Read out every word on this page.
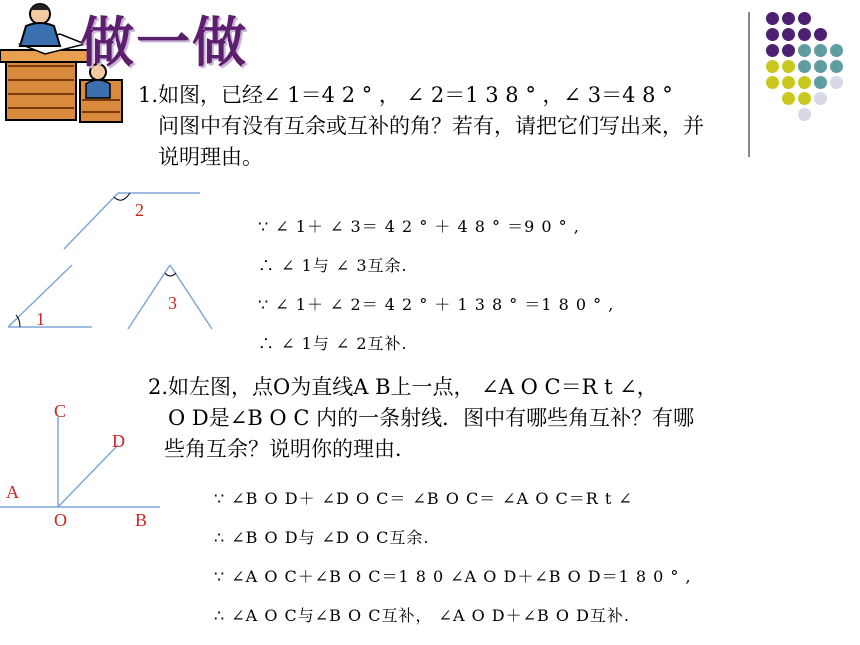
做一做
1.如图，已经∠ 1＝4 2 ° ， ∠ 2＝1 3 8 ° ，∠ 3＝4 8 °
问图中有没有互余或互补的角？若有，请把它们写出来，并
说明理由。
2
1
3
∵ ∠ 1＋ ∠ 3＝ 4 2 ° ＋ 4 8 ° ＝9 0 ° ,
∴ ∠ 1与 ∠ 3互余.
∵ ∠ 1＋ ∠ 2＝ 4 2 ° ＋ 1 3 8 ° ＝1 8 0 ° ,
∴ ∠ 1与 ∠ 2互补.
2.如左图，点O为直线A B上一点， ∠A O C＝R t ∠，
O D是∠B O C 内的一条射线．图中有哪些角互补？有哪
些角互余？说明你的理由．
C
D
A
O	B
∵ ∠B O D＋ ∠D O C＝ ∠B O C＝ ∠A O C＝R t ∠
∴ ∠B O D与 ∠D O C互余.
∵ ∠A O C＋∠B O C＝1 8 0 ∠A O D＋∠B O D＝1 8 0 ° ,
∴ ∠A O C与∠B O C互补， ∠A O D＋∠B O D互补.
